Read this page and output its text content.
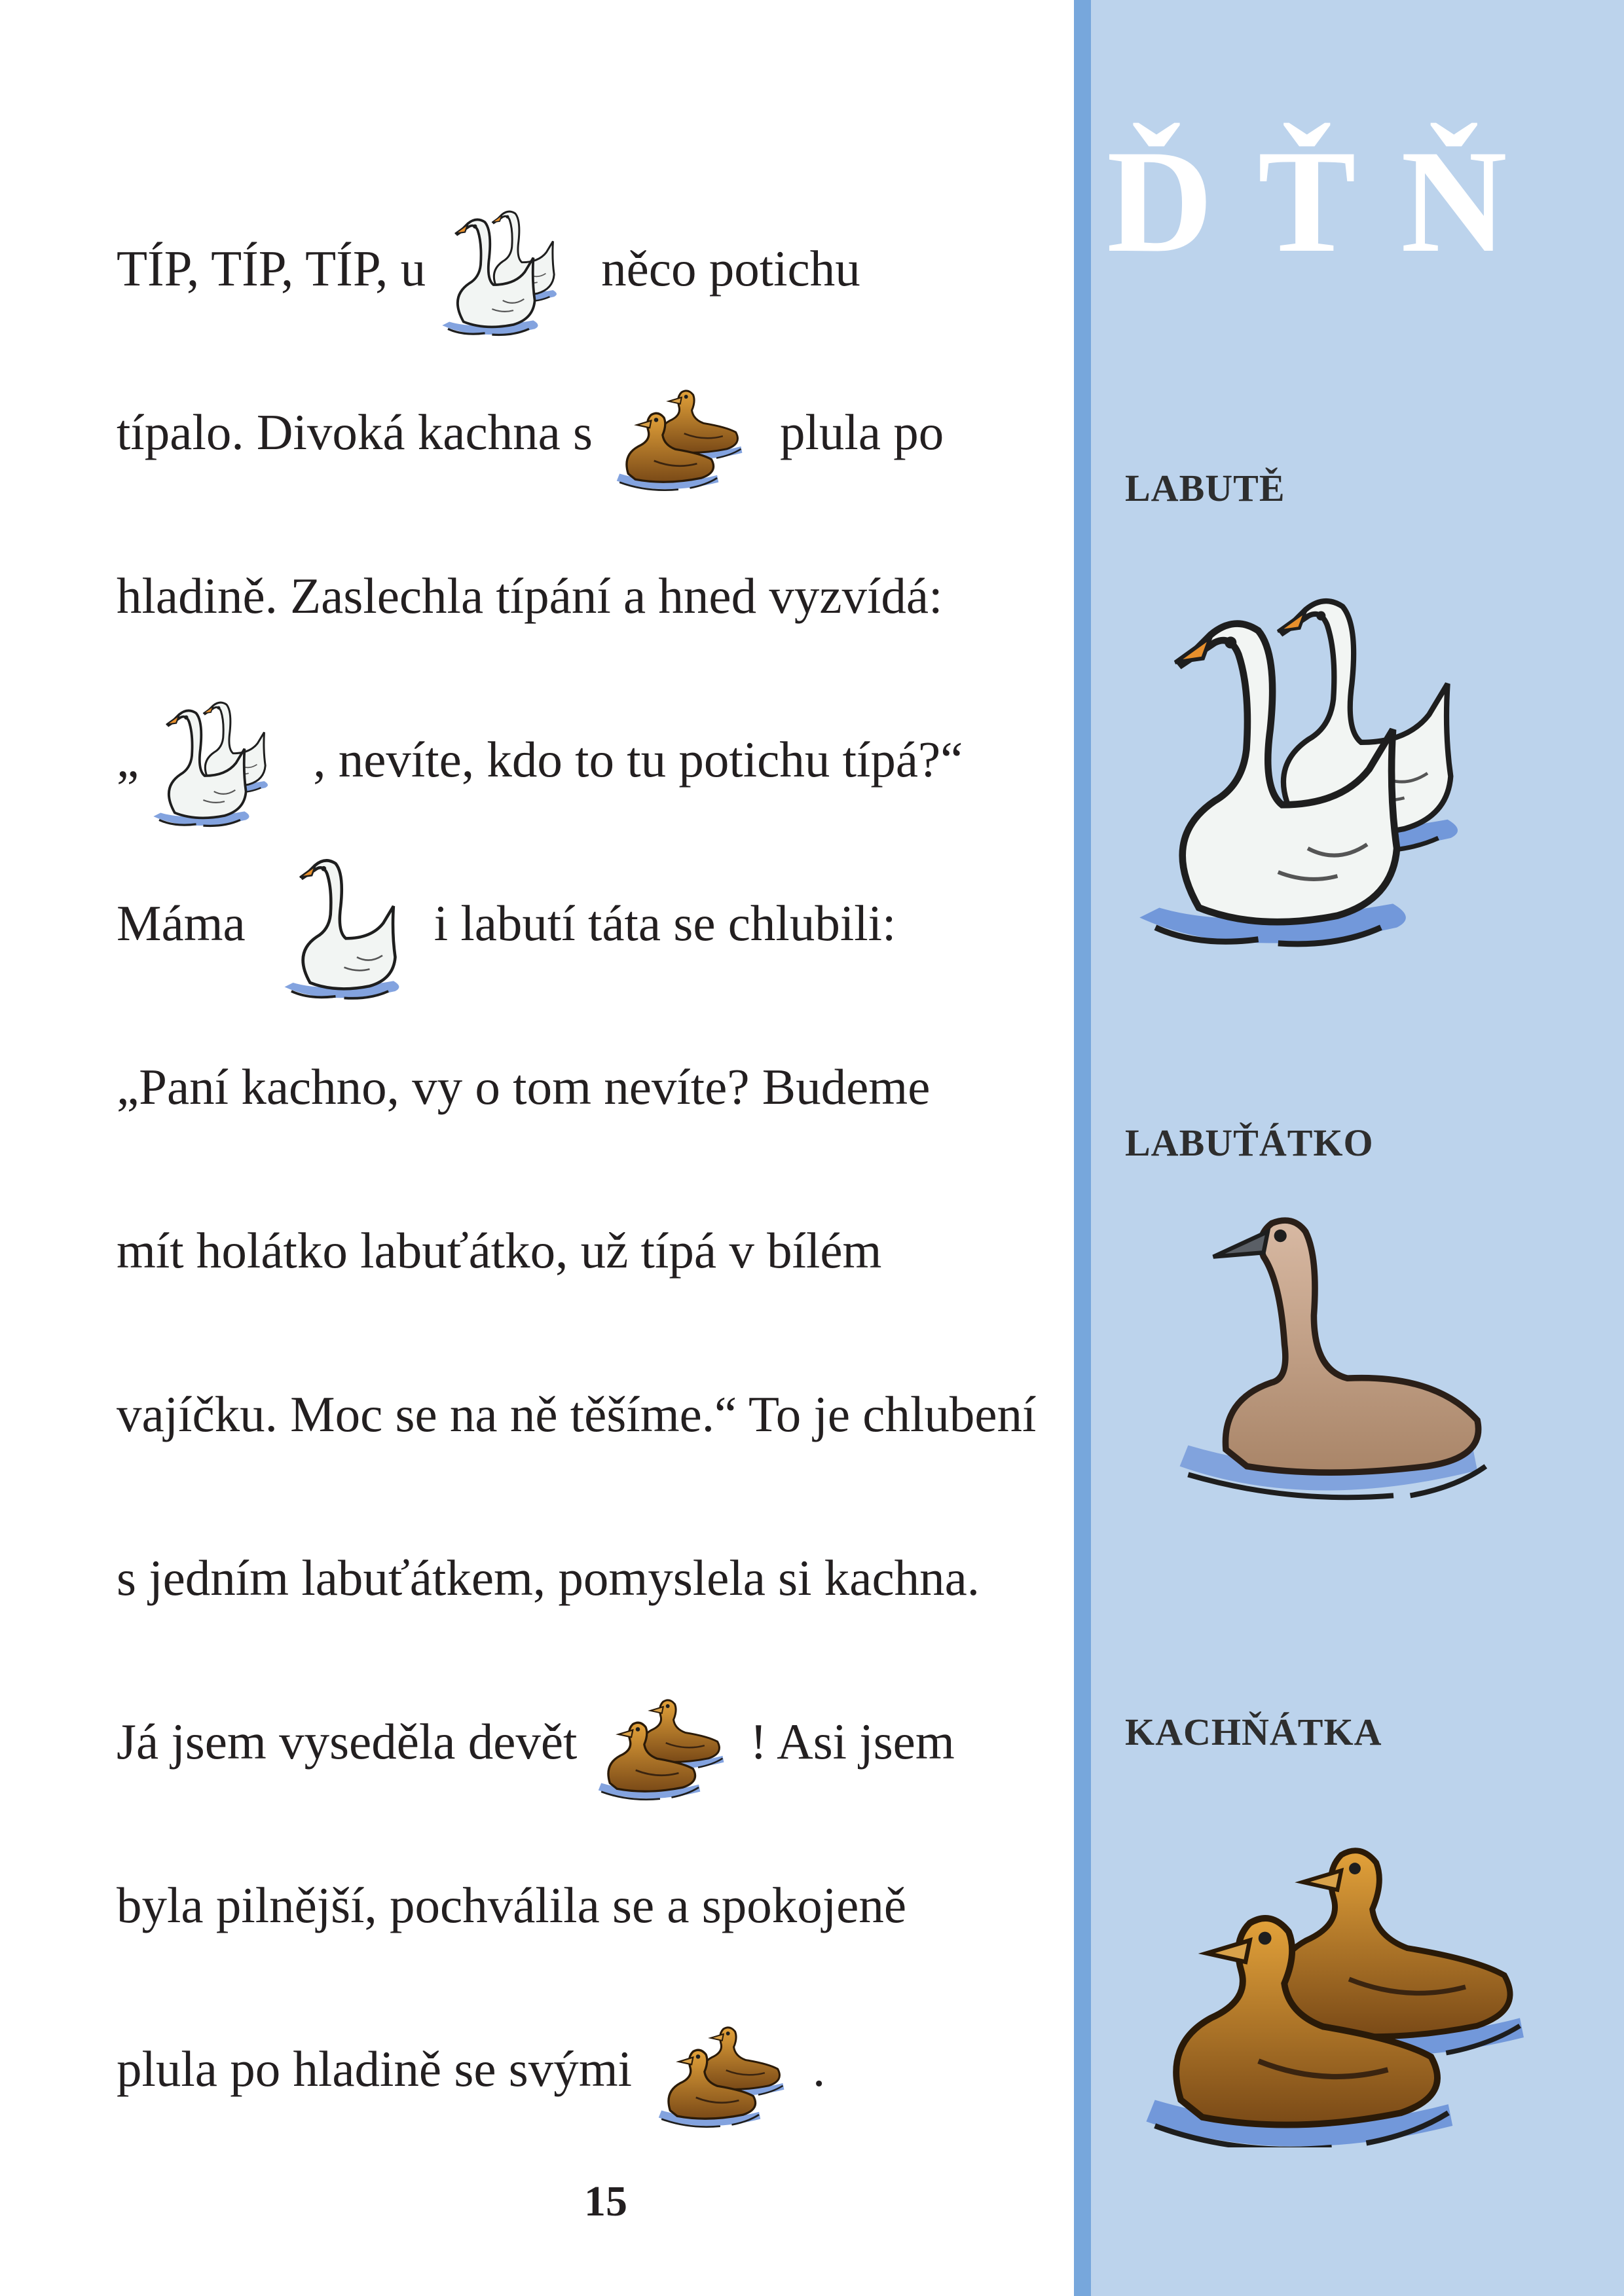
TÍP, TÍP, TÍP, u	něco potichu
típalo. Divoká kachna s	plula po
hladině. Zaslechla típání a hned vyzvídá:
„	, nevíte, kdo to tu potichu típá?“
Máma	i labutí táta se chlubili:
„Paní kachno, vy o tom nevíte? Budeme
mít holátko labuťátko, už típá v bílém
vajíčku. Moc se na ně těšíme.“ To je chlubení
s jedním labuťátkem, pomyslela si kachna.
Já jsem vyseděla devět	! Asi jsem
byla pilnější, pochválila se a spokojeně
plula po hladině se svými	.
15
Ď Ť Ň
LABUTĚ
LABUŤÁTKO
KACHŇÁTKA
